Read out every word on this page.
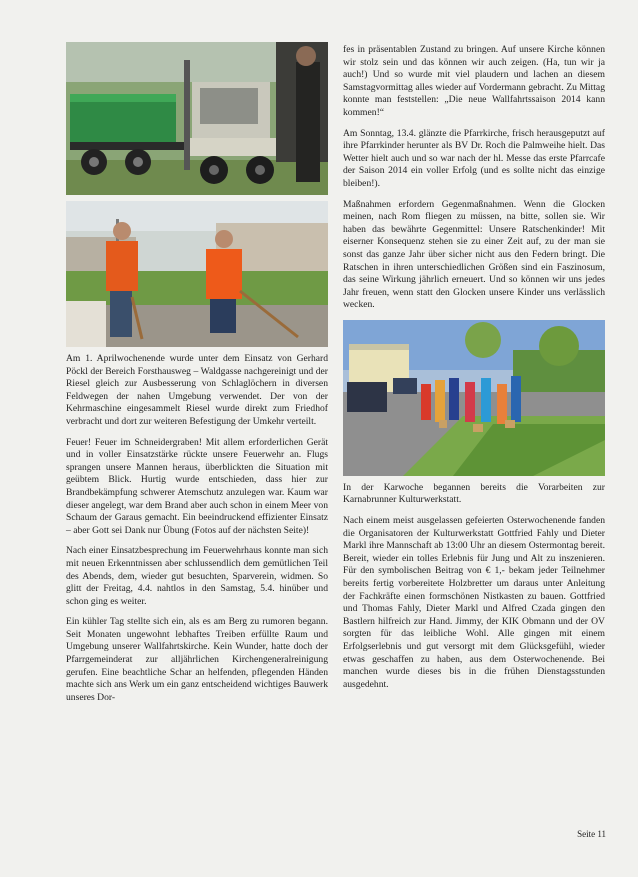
Am 1. Aprilwochenende wurde unter dem Einsatz von Gerhard Pöckl der Bereich Forsthausweg – Waldgasse nachgereinigt und der Riesel gleich zur Ausbesserung von Schlaglöchern in diversen Feldwegen der nahen Umgebung verwendet. Der von der Kehrmaschine eingesammelt Riesel wurde direkt zum Friedhof verbracht und dort zur weiteren Befestigung der Umkehr verteilt.

Feuer! Feuer im Schneidergraben! Mit allem erforderlichen Gerät und in voller Einsatzstärke rückte unsere Feuerwehr an. Flugs sprangen unsere Mannen heraus, überblickten die Situation mit geübtem Blick. Hurtig wurde entschieden, dass hier zur Brandbekämpfung schwerer Atemschutz anzulegen war. Kaum war dieser angelegt, war dem Brand aber auch schon in einem Meer von Schaum der Garaus gemacht. Ein beeindruckend effizienter Einsatz – aber Gott sei Dank nur Übung (Fotos auf der nächsten Seite)!

Nach einer Einsatzbesprechung im Feuerwehrhaus konnte man sich mit neuen Erkenntnissen aber schlussendlich dem gemütlichen Teil des Abends, dem, wieder gut besuchten, Sparverein, widmen. So glitt der Freitag, 4.4. nahtlos in den Samstag, 5.4. hinüber und schon ging es weiter.

Ein kühler Tag stellte sich ein, als es am Berg zu rumoren begann. Seit Monaten ungewohnt lebhaftes Treiben erfüllte Raum und Umgebung unserer Wallfahrtskirche. Kein Wunder, hatte doch der Pfarrgemeinderat zur alljährlichen Kirchengeneralreinigung gerufen. Eine beachtliche Schar an helfenden, pflegenden Händen machte sich ans Werk um ein ganz entscheidend wichtiges Bauwerk unseres Dor-

fes in präsentablen Zustand zu bringen. Auf unsere Kirche können wir stolz sein und das können wir auch zeigen. (Ha, tun wir ja auch!) Und so wurde mit viel plaudern und lachen an diesem Samstagvormittag alles wieder auf Vordermann gebracht. Zu Mittag konnte man feststellen: „Die neue Wallfahrtssaison 2014 kann kommen!“

Am Sonntag, 13.4. glänzte die Pfarrkirche, frisch herausgeputzt auf ihre Pfarrkinder herunter als BV Dr. Roch die Palmweihe hielt. Das Wetter hielt auch und so war nach der hl. Messe das erste Pfarrcafe der Saison 2014 ein voller Erfolg (und es sollte nicht das einzige bleiben!).

Maßnahmen erfordern Gegenmaßnahmen. Wenn die Glocken meinen, nach Rom fliegen zu müssen, na bitte, sollen sie. Wir haben das bewährte Gegenmittel: Unsere Ratschenkinder! Mit eiserner Konsequenz stehen sie zu einer Zeit auf, zu der man sie sonst das ganze Jahr über sicher nicht aus den Federn bringt. Die Ratschen in ihren unterschiedlichen Größen sind ein Faszinosum, das seine Wirkung jährlich erneuert. Und so können wir uns jedes Jahr freuen, wenn statt den Glocken unsere Kinder uns verlässlich wecken.

In der Karwoche begannen bereits die Vorarbeiten zur Karnabrunner Kulturwerkstatt.

Nach einem meist ausgelassen gefeierten Osterwochenende fanden die Organisatoren der Kulturwerkstatt Gottfried Fahly und Dieter Markl ihre Mannschaft ab 13:00 Uhr an diesem Ostermontag bereit. Bereit, wieder ein tolles Erlebnis für Jung und Alt zu inszenieren. Für den symbolischen Beitrag von € 1,- bekam jeder Teilnehmer bereits fertig vorbereitete Holzbretter um daraus unter Anleitung der Fachkräfte einen formschönen Nistkasten zu bauen. Gottfried und Thomas Fahly, Dieter Markl und Alfred Czada gingen den Bastlern hilfreich zur Hand. Jimmy, der KIK Obmann und der OV sorgten für das leibliche Wohl. Alle gingen mit einem Erfolgserlebnis und gut versorgt mit dem Glücksgefühl, wieder etwas geschaffen zu haben, aus dem Osterwochenende. Bei manchen wurde dieses bis in die frühen Dienstagsstunden ausgedehnt.

Seite 11
